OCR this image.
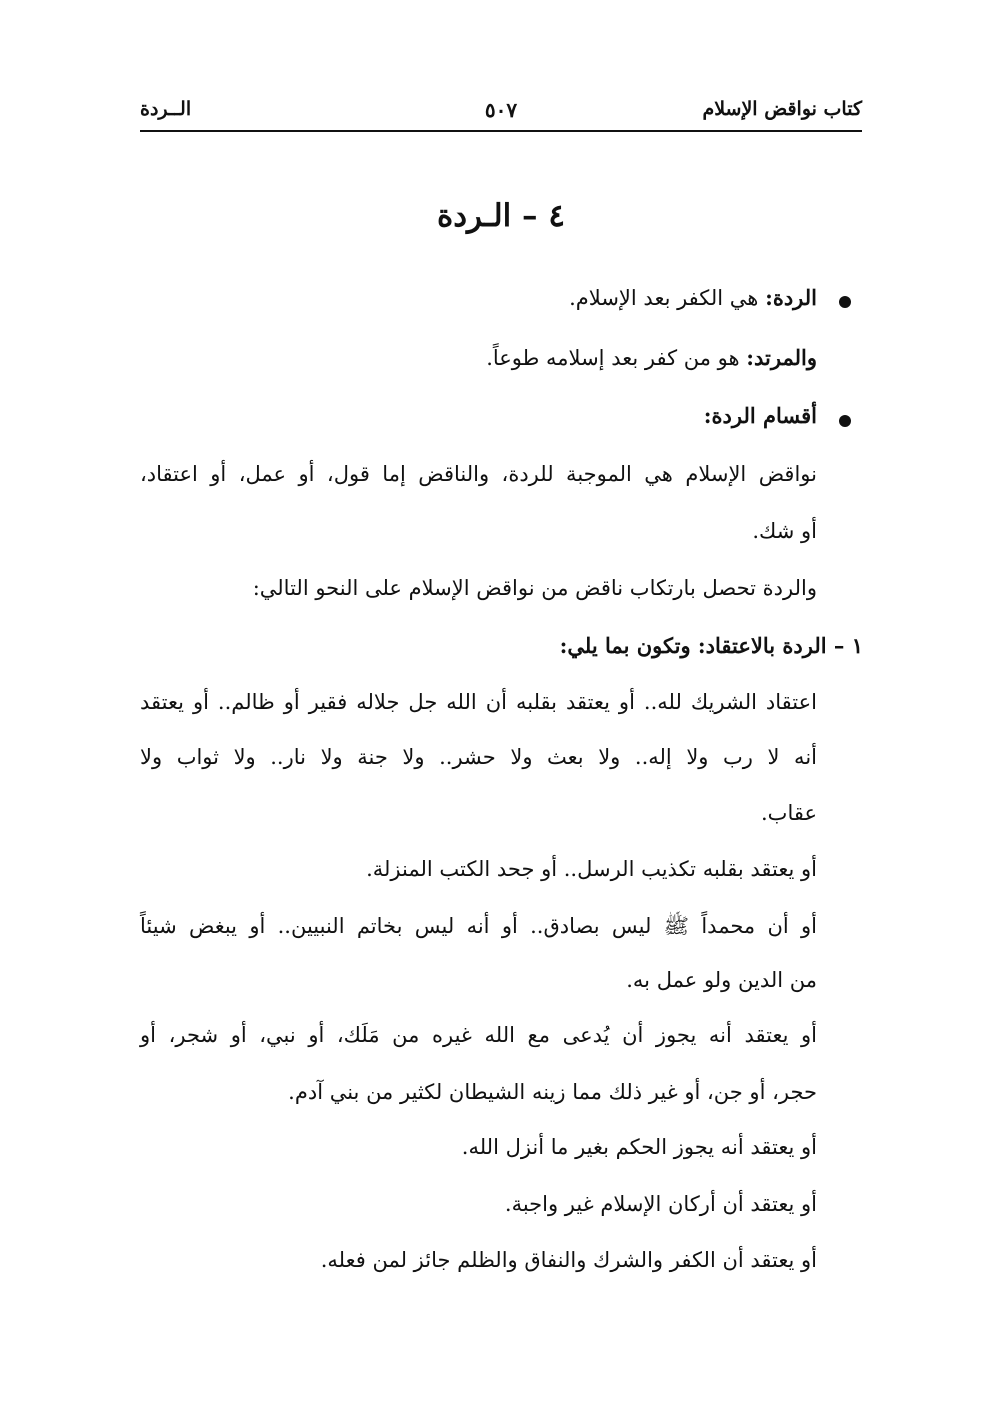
كتاب نواقض الإسلام
٥٠٧
الــردة
٤ – الـردة
الردة: هي الكفر بعد الإسلام.
والمرتد: هو من كفر بعد إسلامه طوعاً.
أقسام الردة:
نواقض الإسلام هي الموجبة للردة، والناقض إما قول، أو عمل، أو اعتقاد،
أو شك.
والردة تحصل بارتكاب ناقض من نواقض الإسلام على النحو التالي:
١ – الردة بالاعتقاد: وتكون بما يلي:
اعتقاد الشريك لله.. أو يعتقد بقلبه أن الله جل جلاله فقير أو ظالم.. أو يعتقد
أنه لا رب ولا إله.. ولا بعث ولا حشر.. ولا جنة ولا نار.. ولا ثواب ولا
عقاب.
أو يعتقد بقلبه تكذيب الرسل.. أو جحد الكتب المنزلة.
أو أن محمداً ﷺ ليس بصادق.. أو أنه ليس بخاتم النبيين.. أو يبغض شيئاً
من الدين ولو عمل به.
أو يعتقد أنه يجوز أن يُدعى مع الله غيره من مَلَك، أو نبي، أو شجر، أو
حجر، أو جن، أو غير ذلك مما زينه الشيطان لكثير من بني آدم.
أو يعتقد أنه يجوز الحكم بغير ما أنزل الله.
أو يعتقد أن أركان الإسلام غير واجبة.
أو يعتقد أن الكفر والشرك والنفاق والظلم جائز لمن فعله.
